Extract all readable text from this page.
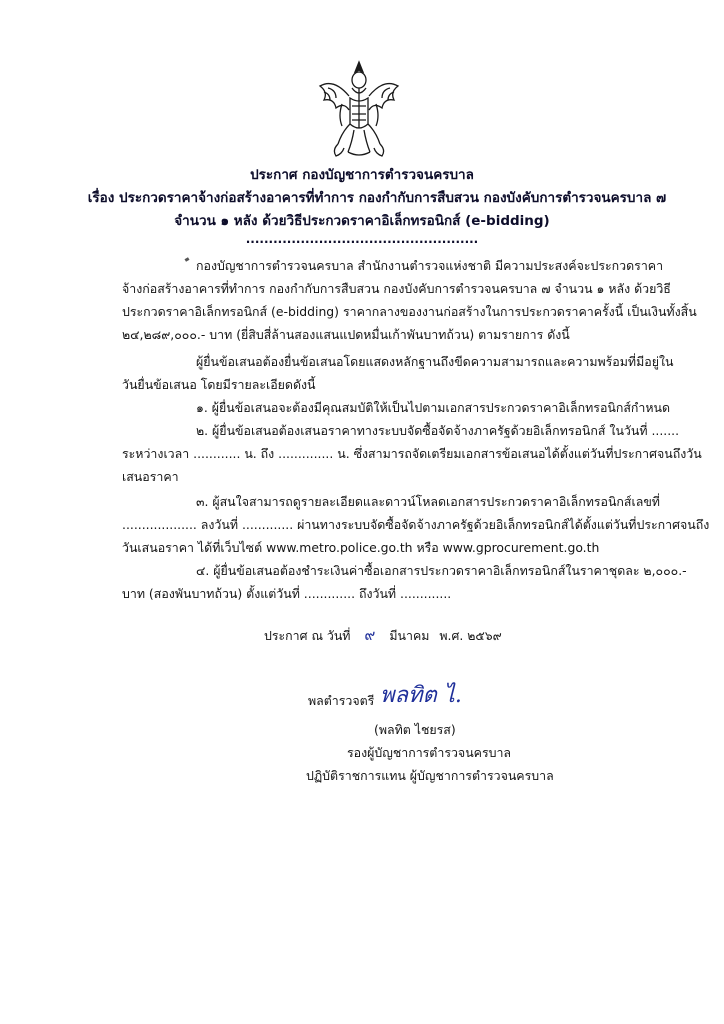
ประกาศ กองบัญชาการตำรวจนครบาล
เรื่อง ประกวดราคาจ้างก่อสร้างอาคารที่ทำการ กองกำกับการสืบสวน กองบังคับการตำรวจนครบาล ๗
จำนวน ๑ หลัง ด้วยวิธีประกวดราคาอิเล็กทรอนิกส์ (e-bidding)
...................................................
กองบัญชาการตำรวจนครบาล สำนักงานตำรวจแห่งชาติ มีความประสงค์จะประกวดราคา
จ้างก่อสร้างอาคารที่ทำการ กองกำกับการสืบสวน กองบังคับการตำรวจนครบาล ๗ จำนวน ๑ หลัง ด้วยวิธี
ประกวดราคาอิเล็กทรอนิกส์ (e-bidding) ราคากลางของงานก่อสร้างในการประกวดราคาครั้งนี้ เป็นเงินทั้งสิ้น
๒๔,๒๘๙,๐๐๐.- บาท (ยี่สิบสี่ล้านสองแสนแปดหมื่นเก้าพันบาทถ้วน) ตามรายการ ดังนี้
ผู้ยื่นข้อเสนอต้องยื่นข้อเสนอโดยแสดงหลักฐานถึงขีดความสามารถและความพร้อมที่มีอยู่ใน
วันยื่นข้อเสนอ โดยมีรายละเอียดดังนี้
๑. ผู้ยื่นข้อเสนอจะต้องมีคุณสมบัติให้เป็นไปตามเอกสารประกวดราคาอิเล็กทรอนิกส์กำหนด
๒. ผู้ยื่นข้อเสนอต้องเสนอราคาทางระบบจัดซื้อจัดจ้างภาครัฐด้วยอิเล็กทรอนิกส์ ในวันที่ .......
ระหว่างเวลา ............ น. ถึง .............. น. ซึ่งสามารถจัดเตรียมเอกสารข้อเสนอได้ตั้งแต่วันที่ประกาศจนถึงวัน
เสนอราคา
๓. ผู้สนใจสามารถดูรายละเอียดและดาวน์โหลดเอกสารประกวดราคาอิเล็กทรอนิกส์เลขที่
................... ลงวันที่ ............. ผ่านทางระบบจัดซื้อจัดจ้างภาครัฐด้วยอิเล็กทรอนิกส์ได้ตั้งแต่วันที่ประกาศจนถึง
วันเสนอราคา ได้ที่เว็บไซต์ www.metro.police.go.th หรือ www.gprocurement.go.th
๔. ผู้ยื่นข้อเสนอต้องชำระเงินค่าซื้อเอกสารประกวดราคาอิเล็กทรอนิกส์ในราคาชุดละ ๒,๐๐๐.-
บาท (สองพันบาทถ้วน) ตั้งแต่วันที่ ............. ถึงวันที่ .............
ประกาศ ณ วันที่ ๙ มีนาคม พ.ศ. ๒๕๖๙
พลตำรวจตรี พลทิต ไ.
(พลทิต ไชยรส)
รองผู้บัญชาการตำรวจนครบาล
ปฏิบัติราชการแทน ผู้บัญชาการตำรวจนครบาล
